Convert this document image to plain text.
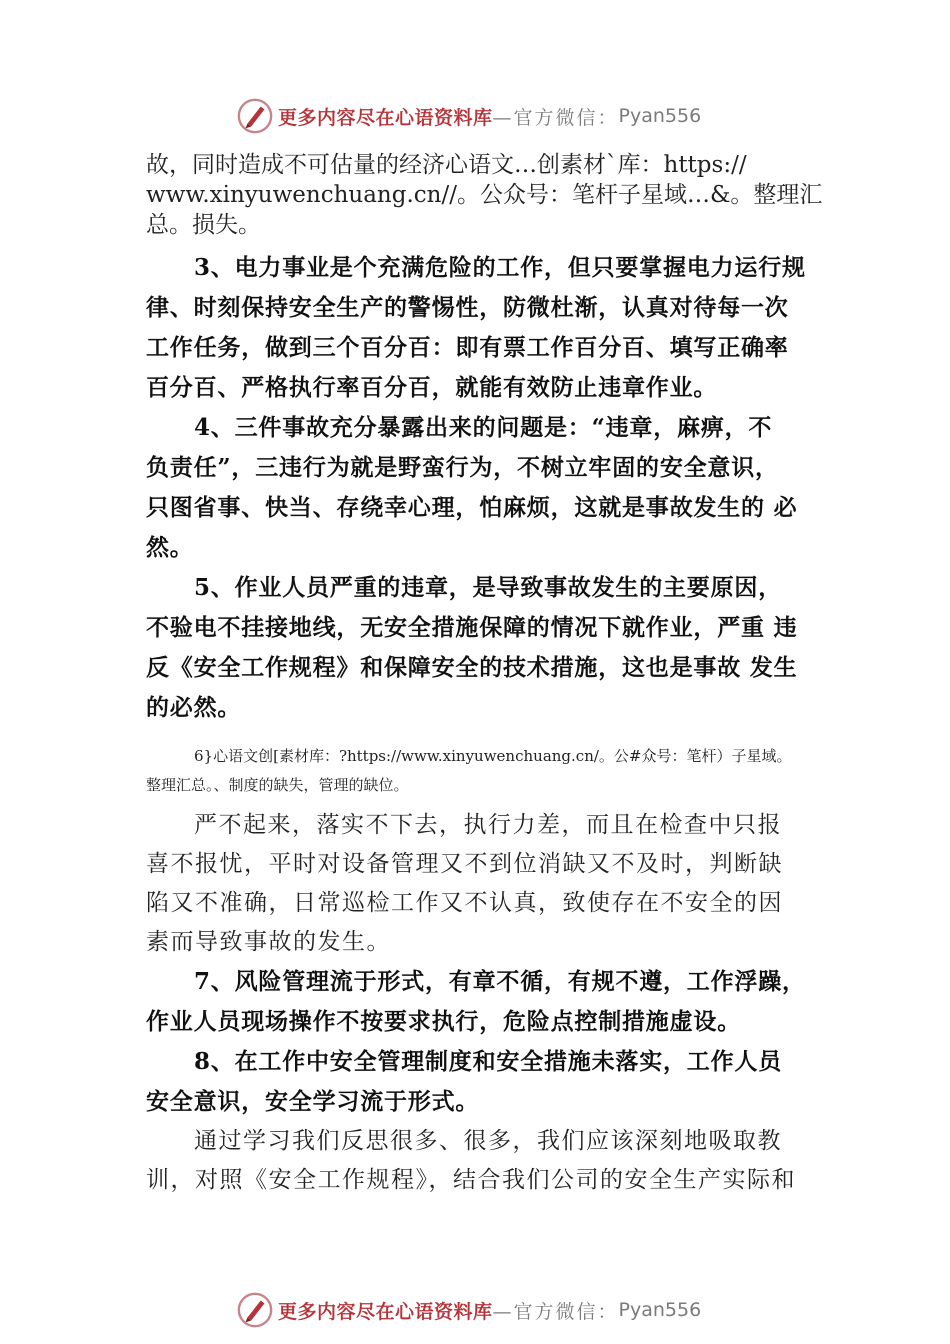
更多内容尽在心语资料库 —官方微信： Pyan556

故，同时造成不可估量的经济心语文…创素材`库：https://

www.xinyuwenchuang.cn//。公众号：笔杆子星域…&。整理汇

总。损失。

3、电力事业是个充满危险的工作，但只要掌握电力运行规

律、时刻保持安全生产的警惕性，防微杜渐，认真对待每一次

工作任务，做到三个百分百：即有票工作百分百、填写正确率

百分百、严格执行率百分百，就能有效防止违章作业。

4、三件事故充分暴露出来的问题是：“违章，麻痹，不

负责任”，三违行为就是野蛮行为，不树立牢固的安全意识，

只图省事、快当、存绕幸心理，怕麻烦，这就是事故发生的 必

然。

5、作业人员严重的违章，是导致事故发生的主要原因，

不验电不挂接地线，无安全措施保障的情况下就作业，严重 违

反《安全工作规程》和保障安全的技术措施，这也是事故 发生

的必然。

6}心语文创[素材库：?https://www.xinyuwenchuang.cn/。公#众号：笔杆）子星域。

整理汇总。、制度的缺失，管理的缺位。

严不起来，落实不下去，执行力差，而且在检查中只报

喜不报忧，平时对设备管理又不到位消缺又不及时，判断缺

陷又不准确，日常巡检工作又不认真，致使存在不安全的因

素而导致事故的发生。

7、风险管理流于形式，有章不循，有规不遵，工作浮躁，

作业人员现场操作不按要求执行，危险点控制措施虚设。

8、在工作中安全管理制度和安全措施未落实，工作人员

安全意识，安全学习流于形式。

通过学习我们反思很多、很多，我们应该深刻地吸取教

训，对照《安全工作规程》，结合我们公司的安全生产实际和

更多内容尽在心语资料库 —官方微信： Pyan556
